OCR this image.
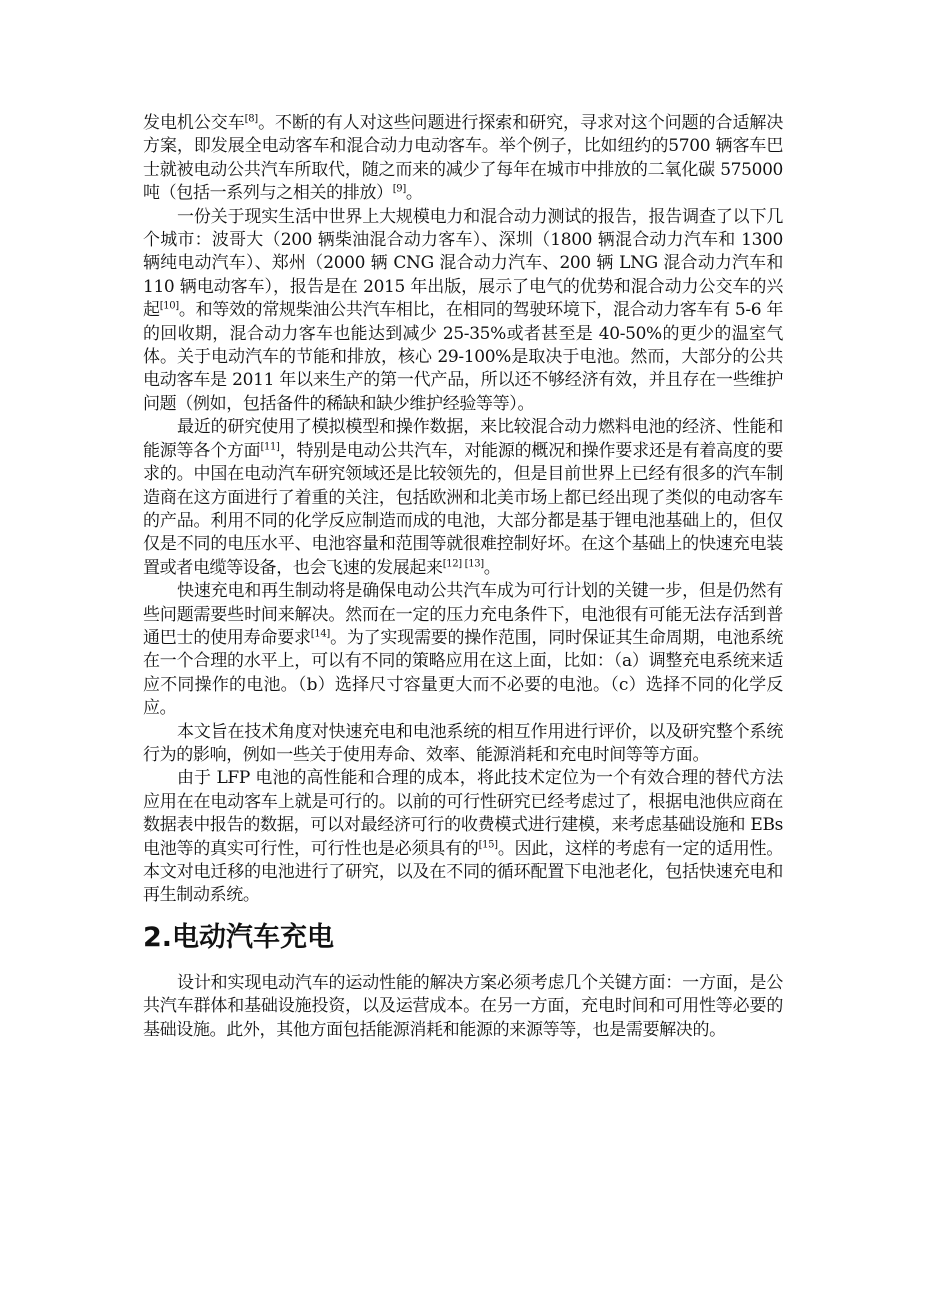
发电机公交车[8]。不断的有人对这些问题进行探索和研究，寻求对这个问题的合适解决方案，即发展全电动客车和混合动力电动客车。举个例子，比如纽约的5700 辆客车巴士就被电动公共汽车所取代，随之而来的减少了每年在城市中排放的二氧化碳 575000 吨（包括一系列与之相关的排放）[9]。

一份关于现实生活中世界上大规模电力和混合动力测试的报告，报告调查了以下几个城市：波哥大（200 辆柴油混合动力客车）、深圳（1800 辆混合动力汽车和 1300 辆纯电动汽车）、郑州（2000 辆 CNG 混合动力汽车、200 辆 LNG 混合动力汽车和 110 辆电动客车），报告是在 2015 年出版，展示了电气的优势和混合动力公交车的兴起[10]。和等效的常规柴油公共汽车相比，在相同的驾驶环境下，混合动力客车有 5-6 年的回收期，混合动力客车也能达到减少 25-35%或者甚至是 40-50%的更少的温室气体。关于电动汽车的节能和排放，核心 29-100%是取决于电池。然而，大部分的公共电动客车是 2011 年以来生产的第一代产品，所以还不够经济有效，并且存在一些维护问题（例如，包括备件的稀缺和缺少维护经验等等）。

最近的研究使用了模拟模型和操作数据，来比较混合动力燃料电池的经济、性能和能源等各个方面[11]，特别是电动公共汽车，对能源的概况和操作要求还是有着高度的要求的。中国在电动汽车研究领域还是比较领先的，但是目前世界上已经有很多的汽车制造商在这方面进行了着重的关注，包括欧洲和北美市场上都已经出现了类似的电动客车的产品。利用不同的化学反应制造而成的电池，大部分都是基于锂电池基础上的，但仅仅是不同的电压水平、电池容量和范围等就很难控制好坏。在这个基础上的快速充电装置或者电缆等设备，也会飞速的发展起来[12] [13]。

快速充电和再生制动将是确保电动公共汽车成为可行计划的关键一步，但是仍然有些问题需要些时间来解决。然而在一定的压力充电条件下，电池很有可能无法存活到普通巴士的使用寿命要求[14]。为了实现需要的操作范围，同时保证其生命周期，电池系统在一个合理的水平上，可以有不同的策略应用在这上面，比如：（a）调整充电系统来适应不同操作的电池。（b）选择尺寸容量更大而不必要的电池。（c）选择不同的化学反应。

本文旨在技术角度对快速充电和电池系统的相互作用进行评价，以及研究整个系统行为的影响，例如一些关于使用寿命、效率、能源消耗和充电时间等等方面。

由于 LFP 电池的高性能和合理的成本，将此技术定位为一个有效合理的替代方法应用在在电动客车上就是可行的。以前的可行性研究已经考虑过了，根据电池供应商在数据表中报告的数据，可以对最经济可行的收费模式进行建模，来考虑基础设施和 EBs 电池等的真实可行性，可行性也是必须具有的[15]。因此，这样的考虑有一定的适用性。本文对电迁移的电池进行了研究，以及在不同的循环配置下电池老化，包括快速充电和再生制动系统。

2.电动汽车充电

设计和实现电动汽车的运动性能的解决方案必须考虑几个关键方面：一方面，是公共汽车群体和基础设施投资，以及运营成本。在另一方面，充电时间和可用性等必要的基础设施。此外，其他方面包括能源消耗和能源的来源等等，也是需要解决的。
